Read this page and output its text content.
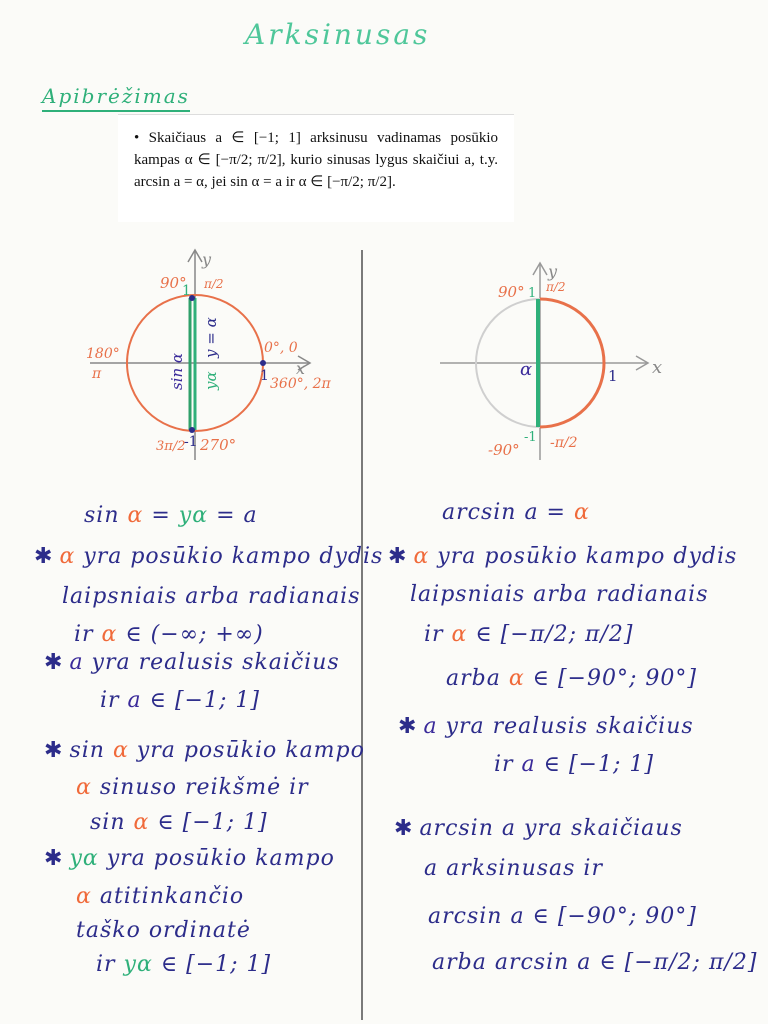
Arksinusas
Apibrėžimas

• Skaičiaus a ∈ [−1; 1] arksinusu vadinamas posūkio kampas α ∈ [−π/2; π/2], kurio sinusas lygus skaičiui a, t.y. arcsin a = α, jei sin α = a ir α ∈ [−π/2; π/2].

x
y
90° π/2
1
180°
π
0°, 0
1 360°, 2π
3π/2
-1 270°
sin α
y = α
yα
x
y
90° π/2
1
α	1
-1
-90° -π/2
sin α = yα = a
✱ α yra posūkio kampo dydis
laipsniais arba radianais
ir α ∈ (−∞; +∞)
✱ a yra realusis skaičius
ir a ∈ [−1; 1]
✱ sin α yra posūkio kampo
α sinuso reikšmė ir
sin α ∈ [−1; 1]
✱ yα yra posūkio kampo
α atitinkančio
taško ordinatė
ir yα ∈ [−1; 1]
arcsin a = α
✱ α yra posūkio kampo dydis
laipsniais arba radianais
ir α ∈ [−π/2; π/2]
arba α ∈ [−90°; 90°]
✱ a yra realusis skaičius
ir a ∈ [−1; 1]
✱ arcsin a yra skaičiaus
a arksinusas ir
arcsin a ∈ [−90°; 90°]
arba arcsin a ∈ [−π/2; π/2]
